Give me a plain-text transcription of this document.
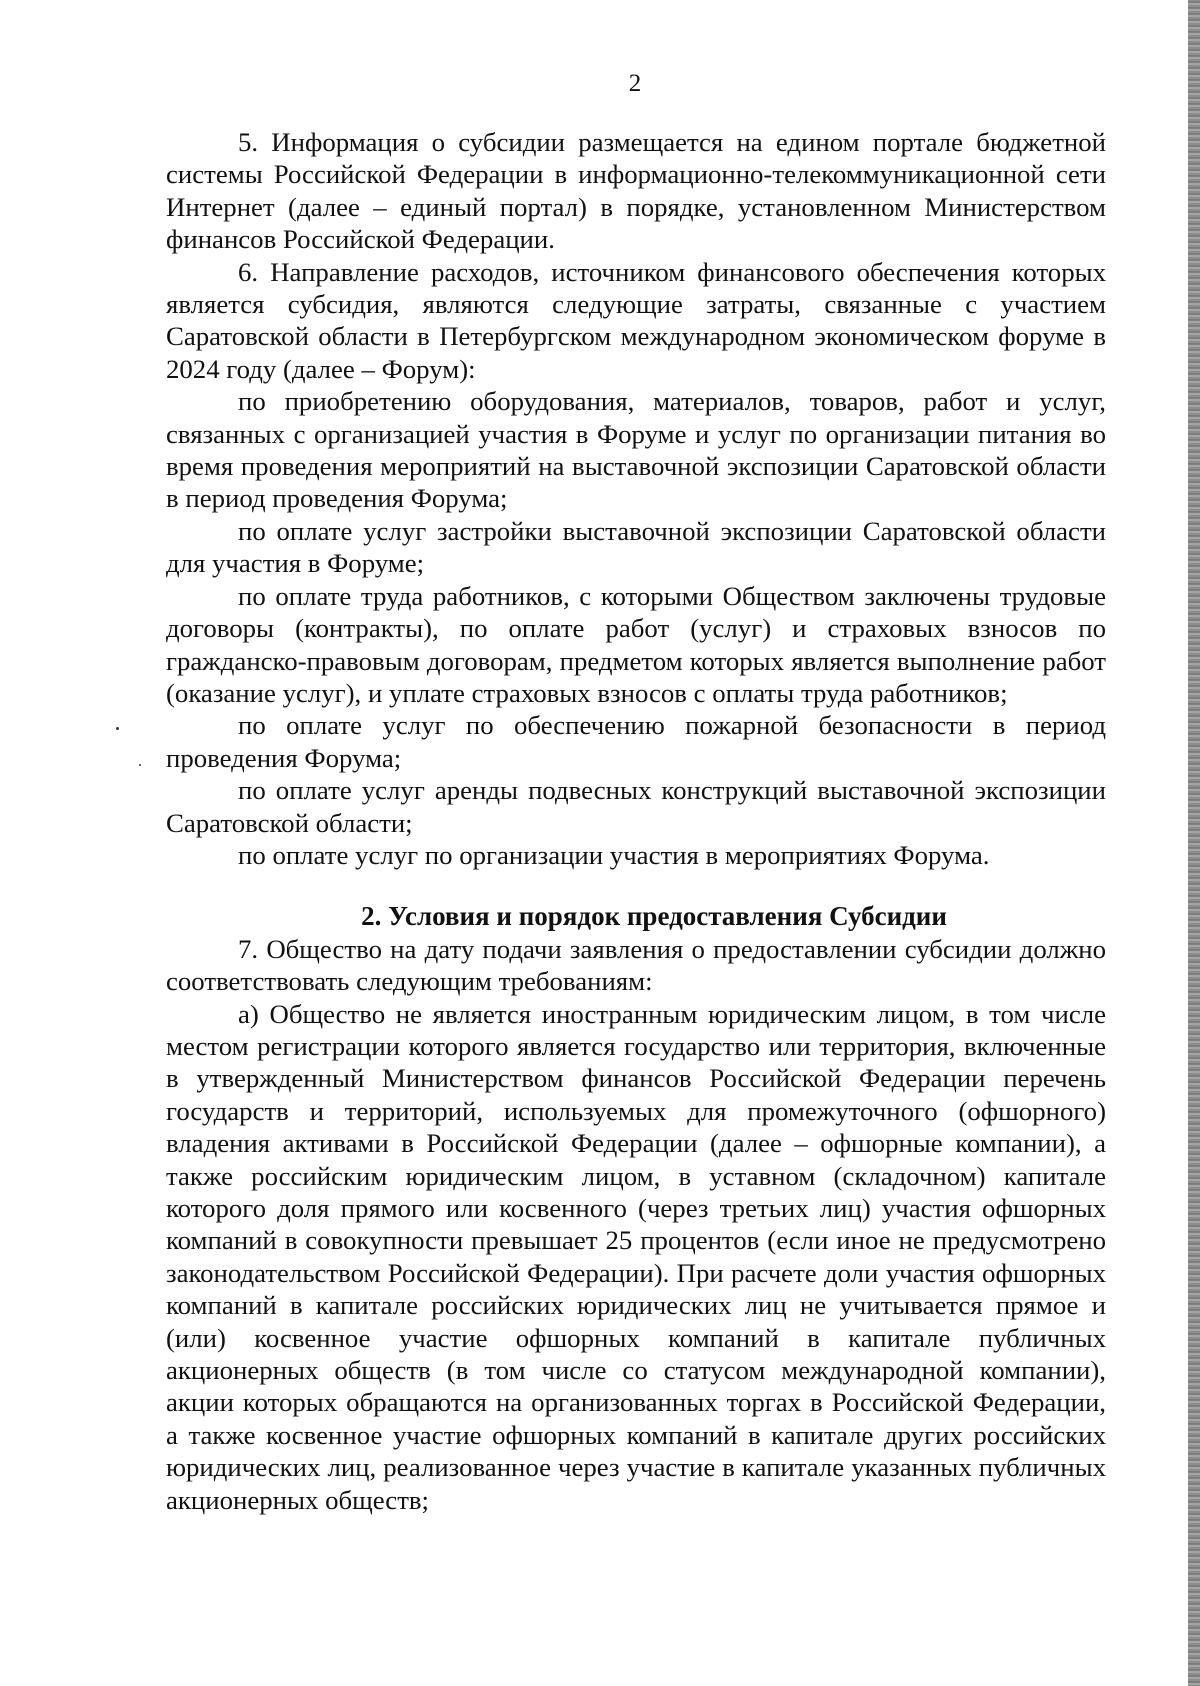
2

5. Информация о субсидии размещается на едином портале бюджетной системы Российской Федерации в информационно-телекоммуникационной сети Интернет (далее – единый портал) в порядке, установленном Министерством финансов Российской Федерации.

6. Направление расходов, источником финансового обеспечения которых является субсидия, являются следующие затраты, связанные с участием Саратовской области в Петербургском международном экономическом форуме в 2024 году (далее – Форум):

по приобретению оборудования, материалов, товаров, работ и услуг, связанных с организацией участия в Форуме и услуг по организации питания во время проведения мероприятий на выставочной экспозиции Саратовской области в период проведения Форума;

по оплате услуг застройки выставочной экспозиции Саратовской области для участия в Форуме;

по оплате труда работников, с которыми Обществом заключены трудовые договоры (контракты), по оплате работ (услуг) и страховых взносов по гражданско-правовым договорам, предметом которых является выполнение работ (оказание услуг), и уплате страховых взносов с оплаты труда работников;

по оплате услуг по обеспечению пожарной безопасности в период проведения Форума;

по оплате услуг аренды подвесных конструкций выставочной экспозиции Саратовской области;

по оплате услуг по организации участия в мероприятиях Форума.

2. Условия и порядок предоставления Субсидии

7. Общество на дату подачи заявления о предоставлении субсидии должно соответствовать следующим требованиям:

а) Общество не является иностранным юридическим лицом, в том числе местом регистрации которого является государство или территория, включенные в утвержденный Министерством финансов Российской Федерации перечень государств и территорий, используемых для промежуточного (офшорного) владения активами в Российской Федерации (далее – офшорные компании), а также российским юридическим лицом, в уставном (складочном) капитале которого доля прямого или косвенного (через третьих лиц) участия офшорных компаний в совокупности превышает 25 процентов (если иное не предусмотрено законодательством Российской Федерации). При расчете доли участия офшорных компаний в капитале российских юридических лиц не учитывается прямое и (или) косвенное участие офшорных компаний в капитале публичных акционерных обществ (в том числе со статусом международной компании), акции которых обращаются на организованных торгах в Российской Федерации, а также косвенное участие офшорных компаний в капитале других российских юридических лиц, реализованное через участие в капитале указанных публичных акционерных обществ;
